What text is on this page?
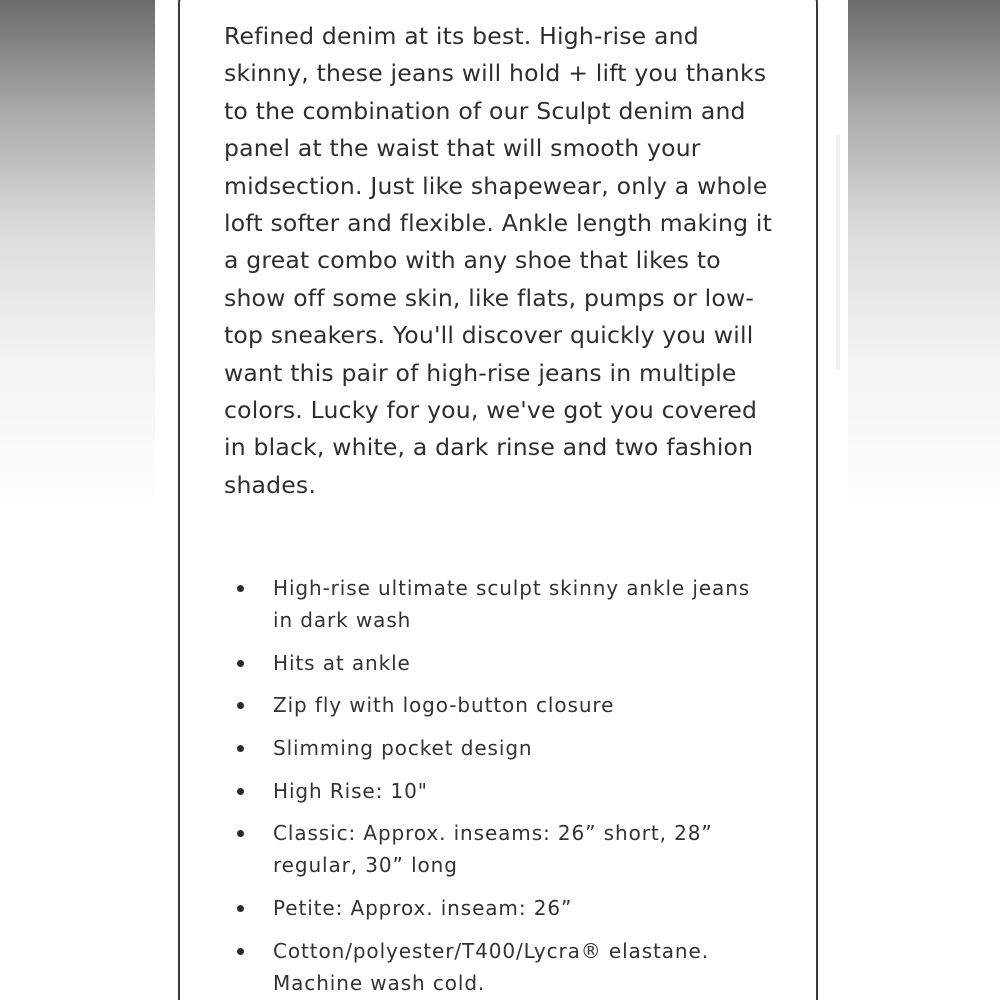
Refined denim at its best. High-rise and skinny, these jeans will hold + lift you thanks to the combination of our Sculpt denim and panel at the waist that will smooth your midsection. Just like shapewear, only a whole loft softer and flexible. Ankle length making it a great combo with any shoe that likes to show off some skin, like flats, pumps or low-top sneakers. You'll discover quickly you will want this pair of high-rise jeans in multiple colors. Lucky for you, we've got you covered in black, white, a dark rinse and two fashion shades.

High-rise ultimate sculpt skinny ankle jeans in dark wash
Hits at ankle
Zip fly with logo-button closure
Slimming pocket design
High Rise: 10"
Classic: Approx. inseams: 26” short, 28” regular, 30” long
Petite: Approx. inseam: 26”
Cotton/polyester/T400/Lycra® elastane. Machine wash cold.
